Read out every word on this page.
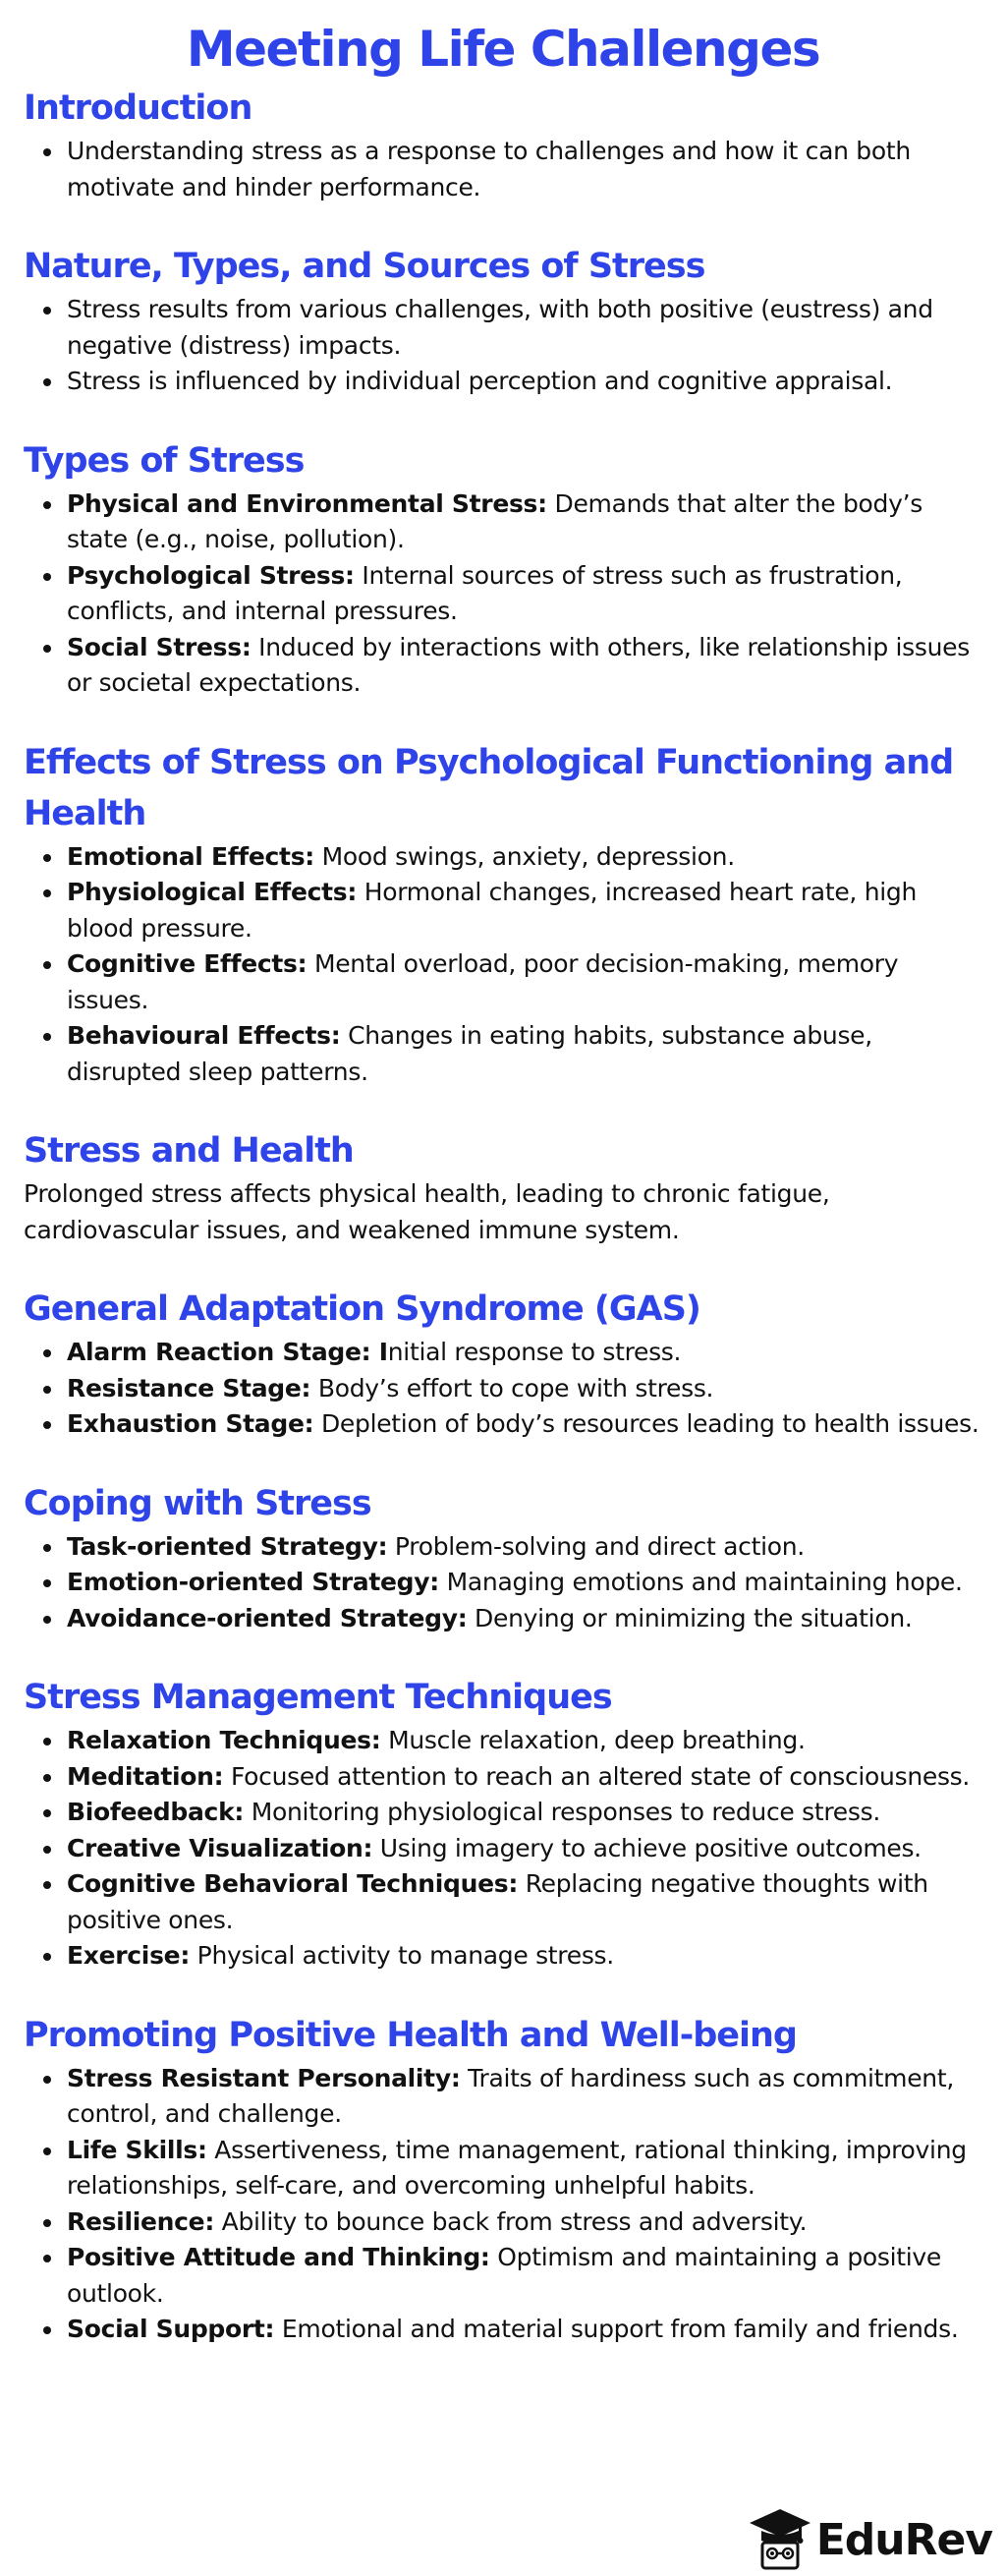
Meeting Life Challenges
Introduction
Understanding stress as a response to challenges and how it can both motivate and hinder performance.
Nature, Types, and Sources of Stress
Stress results from various challenges, with both positive (eustress) and negative (distress) impacts.
Stress is influenced by individual perception and cognitive appraisal.
Types of Stress
Physical and Environmental Stress: Demands that alter the body’s state (e.g., noise, pollution).
Psychological Stress: Internal sources of stress such as frustration, conflicts, and internal pressures.
Social Stress: Induced by interactions with others, like relationship issues or societal expectations.
Effects of Stress on Psychological Functioning and Health
Emotional Effects: Mood swings, anxiety, depression.
Physiological Effects: Hormonal changes, increased heart rate, high blood pressure.
Cognitive Effects: Mental overload, poor decision-making, memory issues.
Behavioural Effects: Changes in eating habits, substance abuse, disrupted sleep patterns.
Stress and Health

Prolonged stress affects physical health, leading to chronic fatigue, cardiovascular issues, and weakened immune system.

General Adaptation Syndrome (GAS)
Alarm Reaction Stage: Initial response to stress.
Resistance Stage: Body’s effort to cope with stress.
Exhaustion Stage: Depletion of body’s resources leading to health issues.
Coping with Stress
Task-oriented Strategy: Problem-solving and direct action.
Emotion-oriented Strategy: Managing emotions and maintaining hope.
Avoidance-oriented Strategy: Denying or minimizing the situation.
Stress Management Techniques
Relaxation Techniques: Muscle relaxation, deep breathing.
Meditation: Focused attention to reach an altered state of consciousness.
Biofeedback: Monitoring physiological responses to reduce stress.
Creative Visualization: Using imagery to achieve positive outcomes.
Cognitive Behavioral Techniques: Replacing negative thoughts with positive ones.
Exercise: Physical activity to manage stress.
Promoting Positive Health and Well-being
Stress Resistant Personality: Traits of hardiness such as commitment, control, and challenge.
Life Skills: Assertiveness, time management, rational thinking, improving relationships, self-care, and overcoming unhelpful habits.
Resilience: Ability to bounce back from stress and adversity.
Positive Attitude and Thinking: Optimism and maintaining a positive outlook.
Social Support: Emotional and material support from family and friends.
EduRev
